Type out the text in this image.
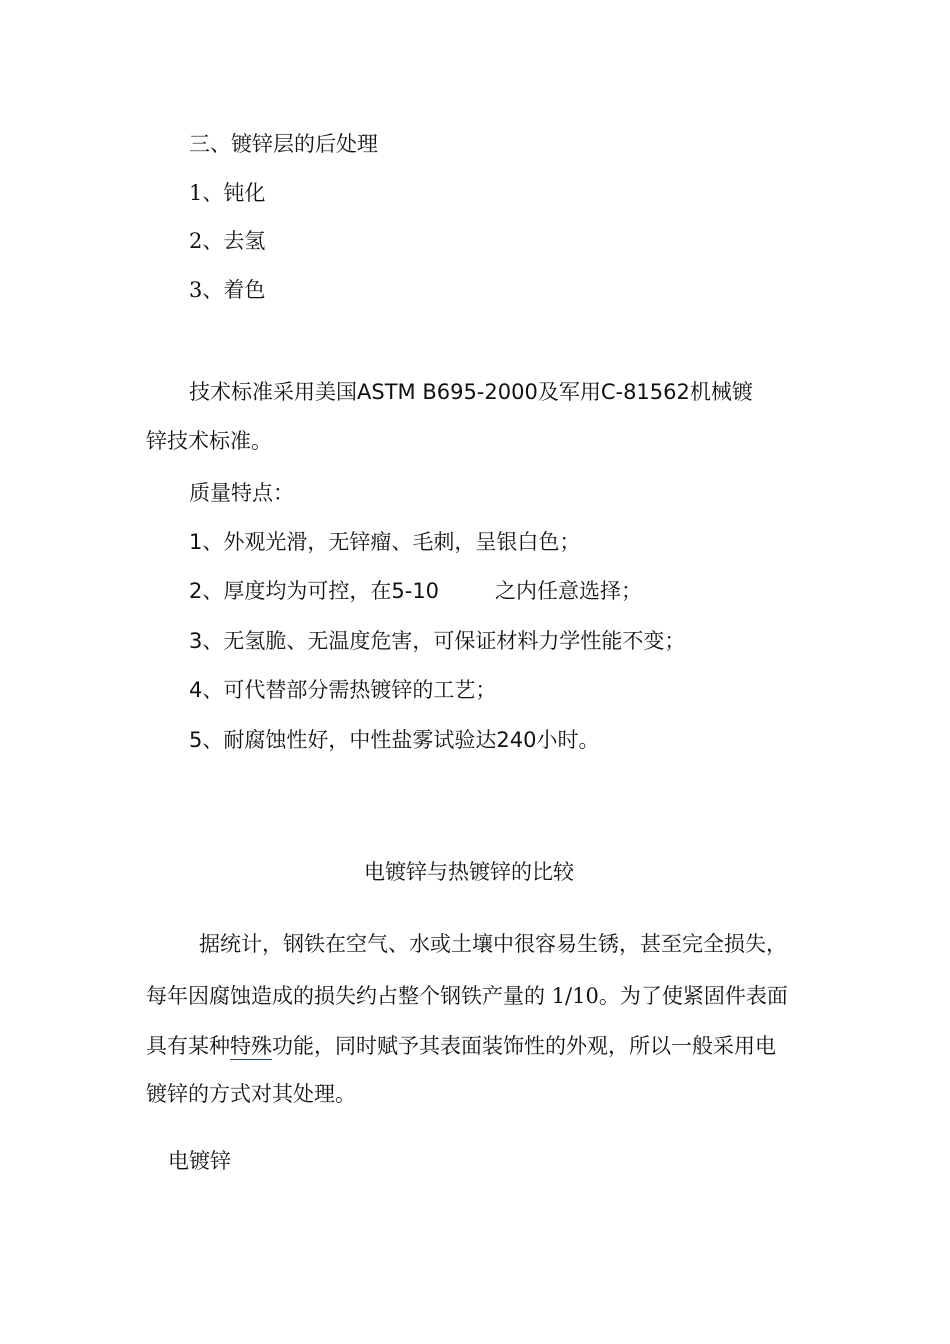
三、镀锌层的后处理
1、钝化
2、去氢
3、着色
技术标准采用美国ASTM B695-2000及军用C-81562机械镀
锌技术标准。
质量特点：
1、外观光滑，无锌瘤、毛刺，呈银白色；
2、厚度均为可控，在5-10	之内任意选择；
3、无氢脆、无温度危害，可保证材料力学性能不变；
4、可代替部分需热镀锌的工艺；
5、耐腐蚀性好，中性盐雾试验达240小时。
电镀锌与热镀锌的比较
据统计，钢铁在空气、水或土壤中很容易生锈，甚至完全损失，
每年因腐蚀造成的损失约占整个钢铁产量的 1/10。为了使紧固件表面
具有某种特殊功能，同时赋予其表面装饰性的外观，所以一般采用电
镀锌的方式对其处理。
电镀锌
